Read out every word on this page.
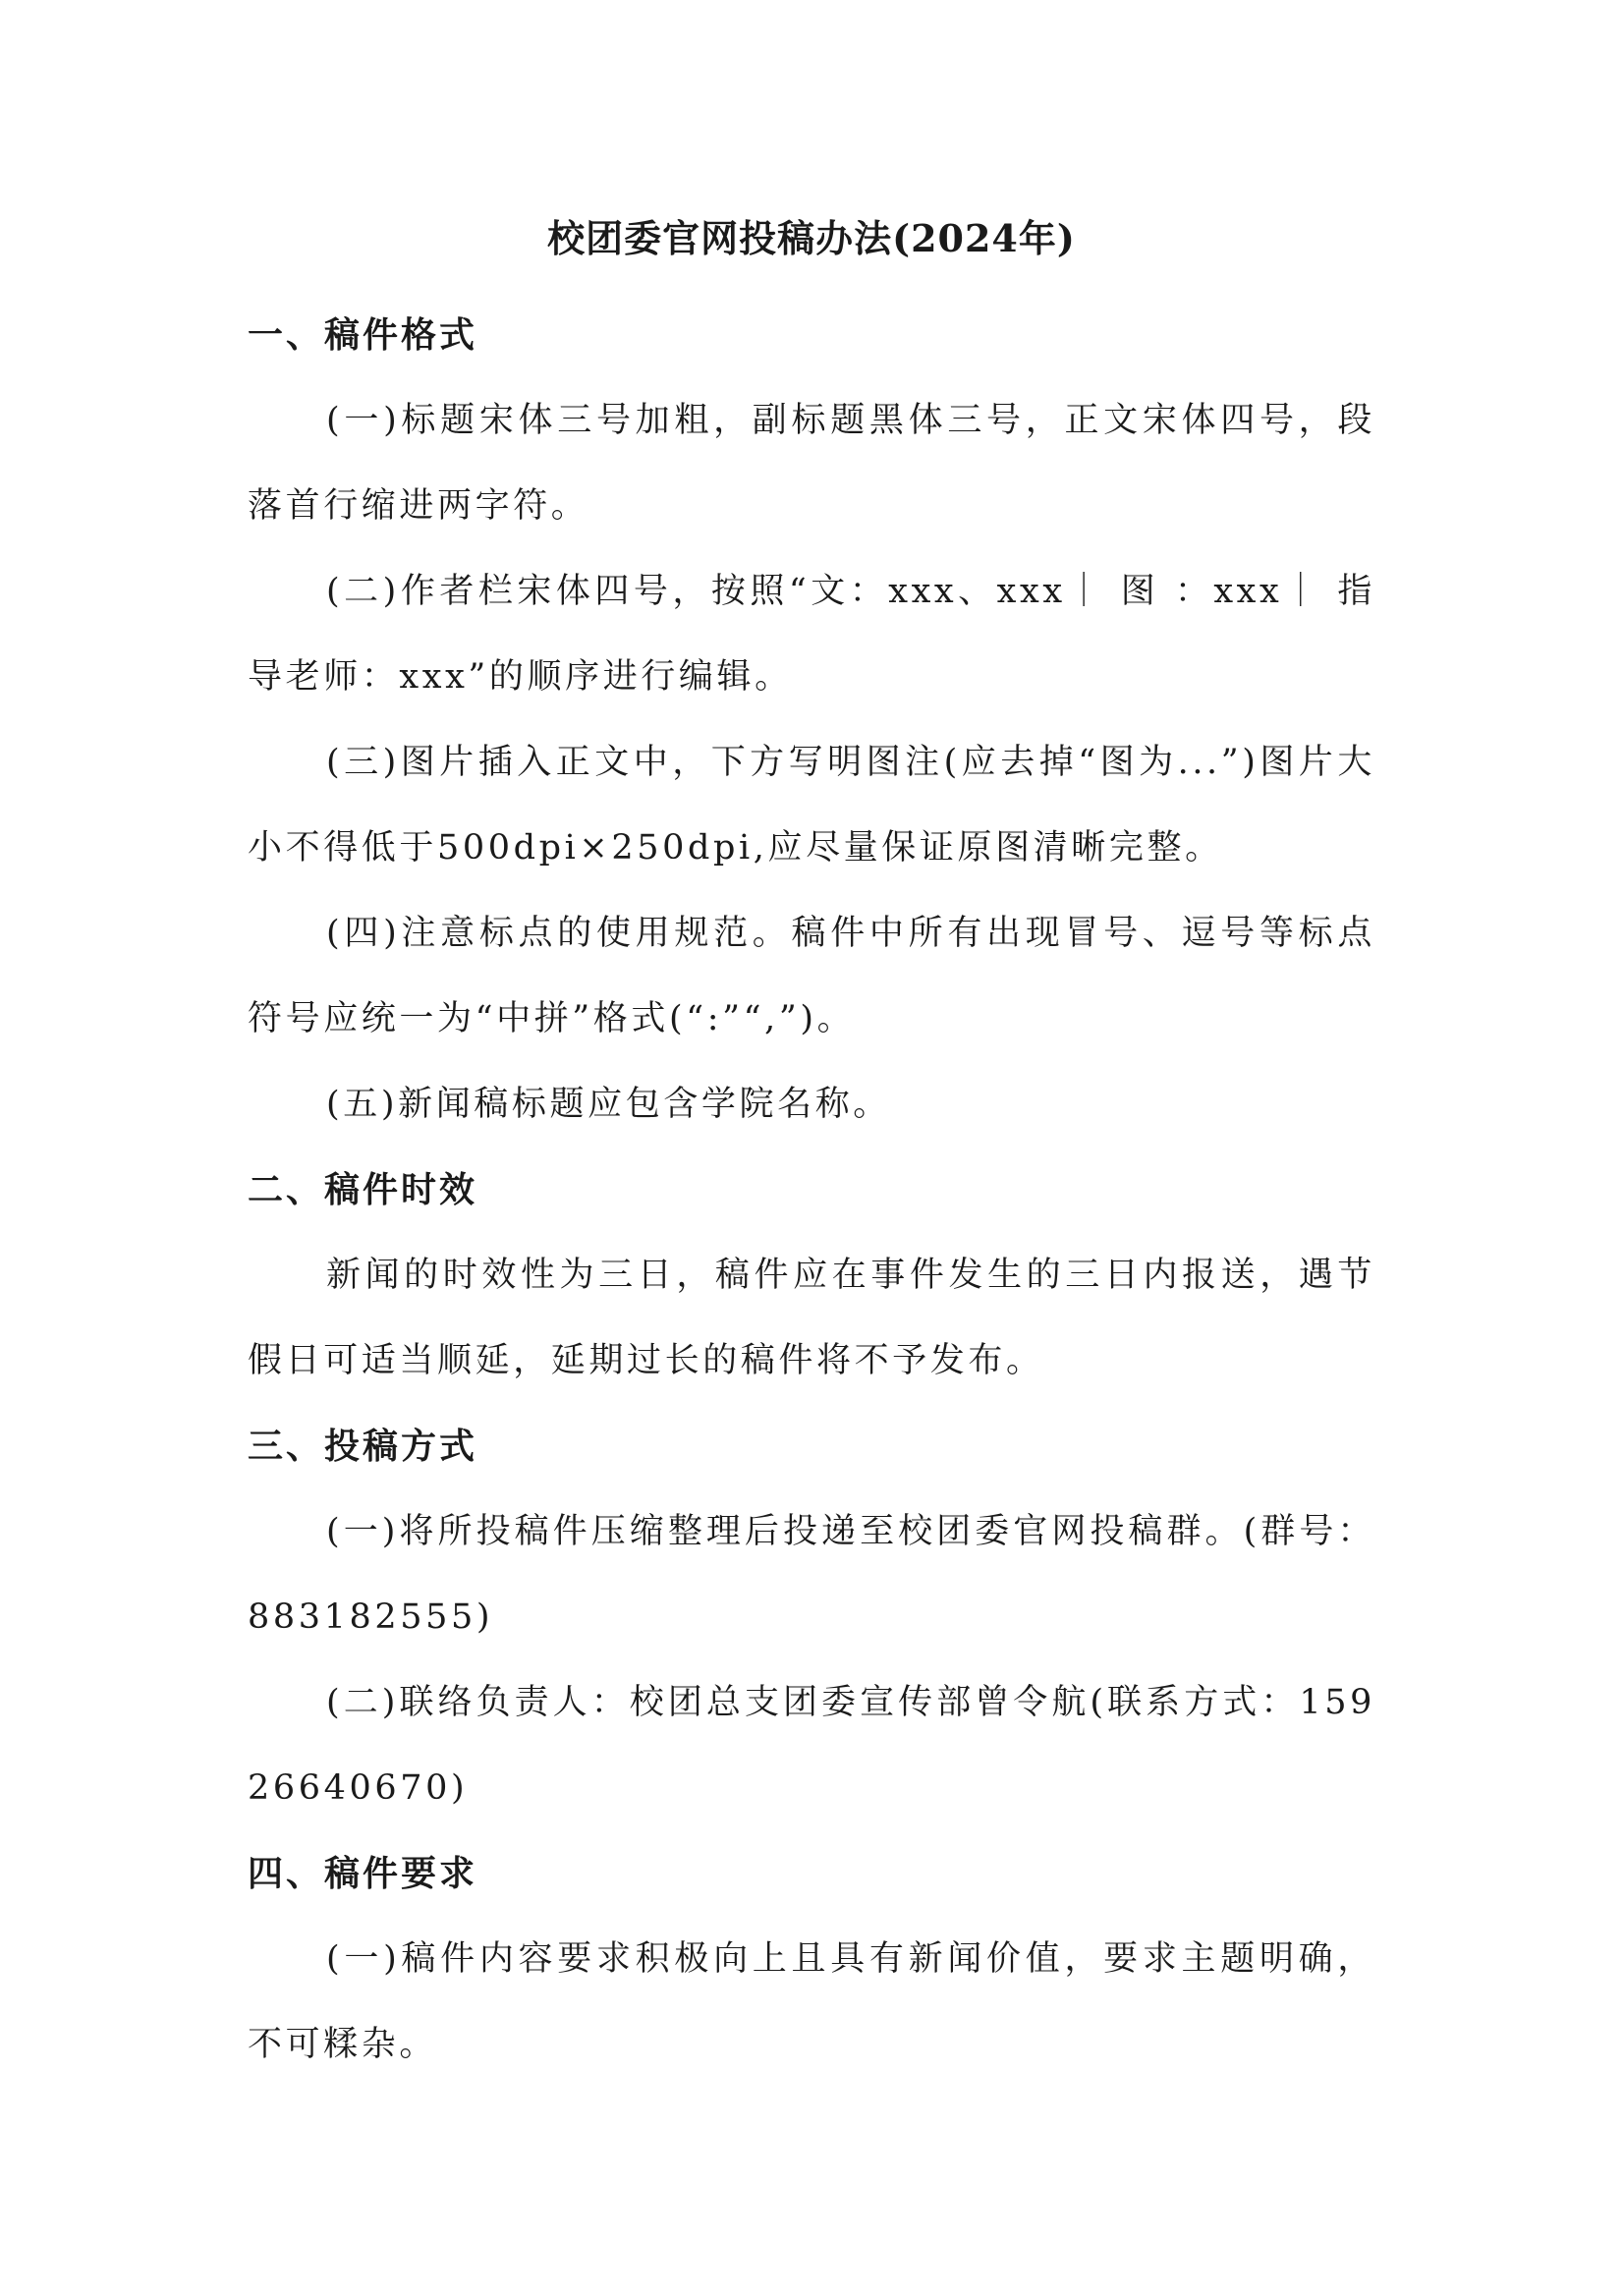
校团委官网投稿办法(2024年)
一、稿件格式

(一)标题宋体三号加粗，副标题黑体三号，正文宋体四号，段落首行缩进两字符。

(二)作者栏宋体四号，按照“文：xxx、xxx｜ 图 ：xxx｜ 指导老师：xxx”的顺序进行编辑。

(三)图片插入正文中，下方写明图注(应去掉“图为...”)图片大小不得低于500dpi×250dpi,应尽量保证原图清晰完整。

(四)注意标点的使用规范。稿件中所有出现冒号、逗号等标点符号应统一为“中拼”格式(“:”“,”)。

(五)新闻稿标题应包含学院名称。

二、稿件时效

新闻的时效性为三日，稿件应在事件发生的三日内报送，遇节假日可适当顺延，延期过长的稿件将不予发布。

三、投稿方式

(一)将所投稿件压缩整理后投递至校团委官网投稿群。(群号：883182555)

(二)联络负责人：校团总支团委宣传部曾令航(联系方式：15926640670)

四、稿件要求

(一)稿件内容要求积极向上且具有新闻价值，要求主题明确，不可糅杂。
